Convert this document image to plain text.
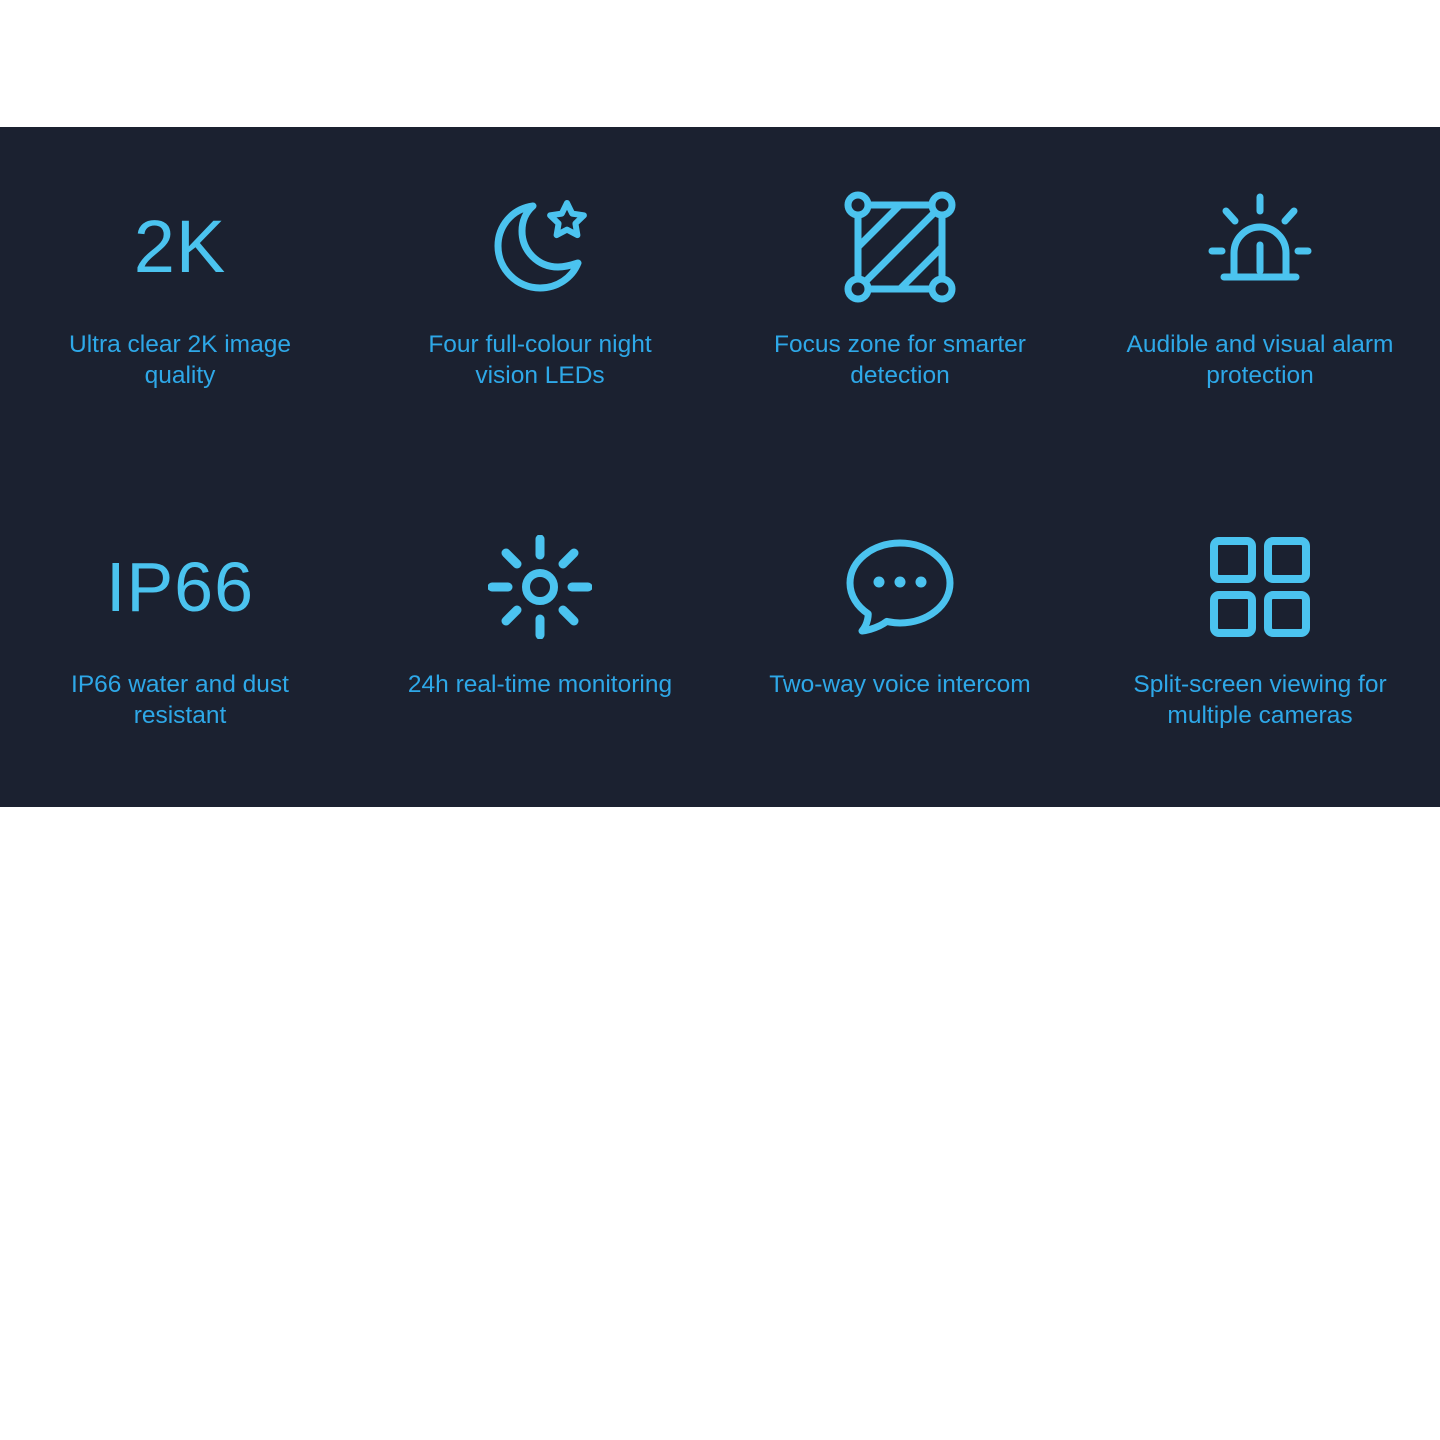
2K
Ultra clear 2K image quality
Four full-colour night vision LEDs
Focus zone for smarter detection
Audible and visual alarm protection
IP66
IP66 water and dust resistant
24h real-time monitoring	Two-way voice intercom	Split-screen viewing for multiple cameras
